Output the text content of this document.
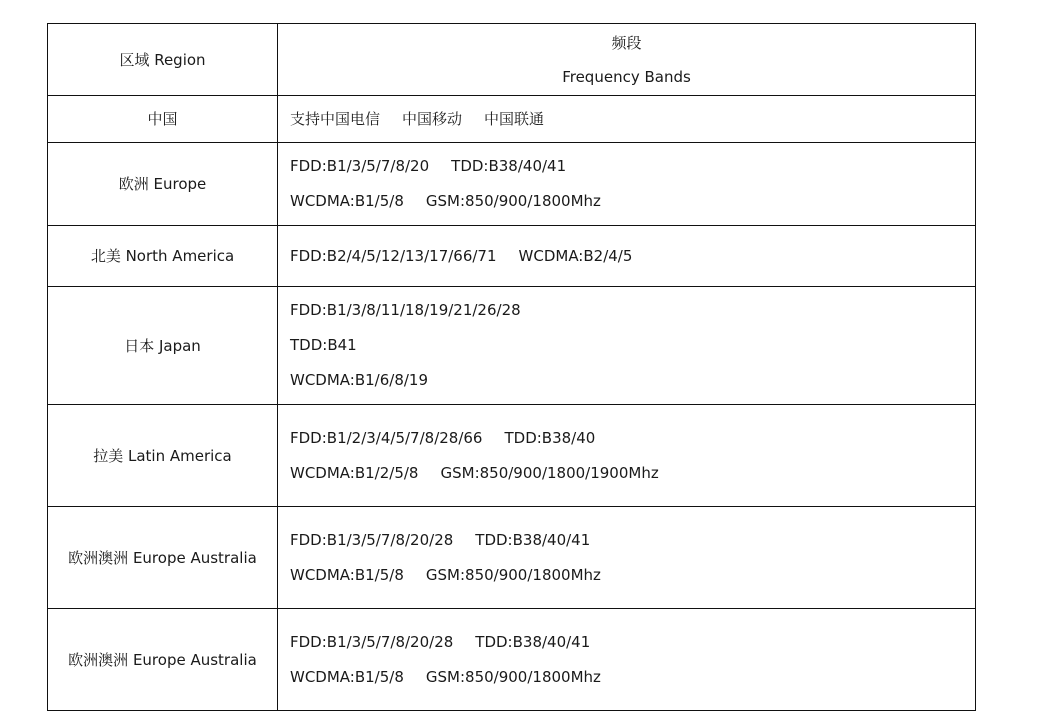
区域 Region	频段
Frequency Bands

中国	支持中国电信 中国移动 中国联通

欧洲 Europe	FDD:B1/3/5/7/8/20 TDD:B38/40/41
WCDMA:B1/5/8 GSM:850/900/1800Mhz

北美 North America	FDD:B2/4/5/12/13/17/66/71 WCDMA:B2/4/5

日本 Japan	FDD:B1/3/8/11/18/19/21/26/28
TDD:B41
WCDMA:B1/6/8/19

拉美 Latin America	FDD:B1/2/3/4/5/7/8/28/66 TDD:B38/40
WCDMA:B1/2/5/8 GSM:850/900/1800/1900Mhz

欧洲澳洲 Europe Australia	FDD:B1/3/5/7/8/20/28 TDD:B38/40/41
WCDMA:B1/5/8 GSM:850/900/1800Mhz

欧洲澳洲 Europe Australia	FDD:B1/3/5/7/8/20/28 TDD:B38/40/41
WCDMA:B1/5/8 GSM:850/900/1800Mhz
